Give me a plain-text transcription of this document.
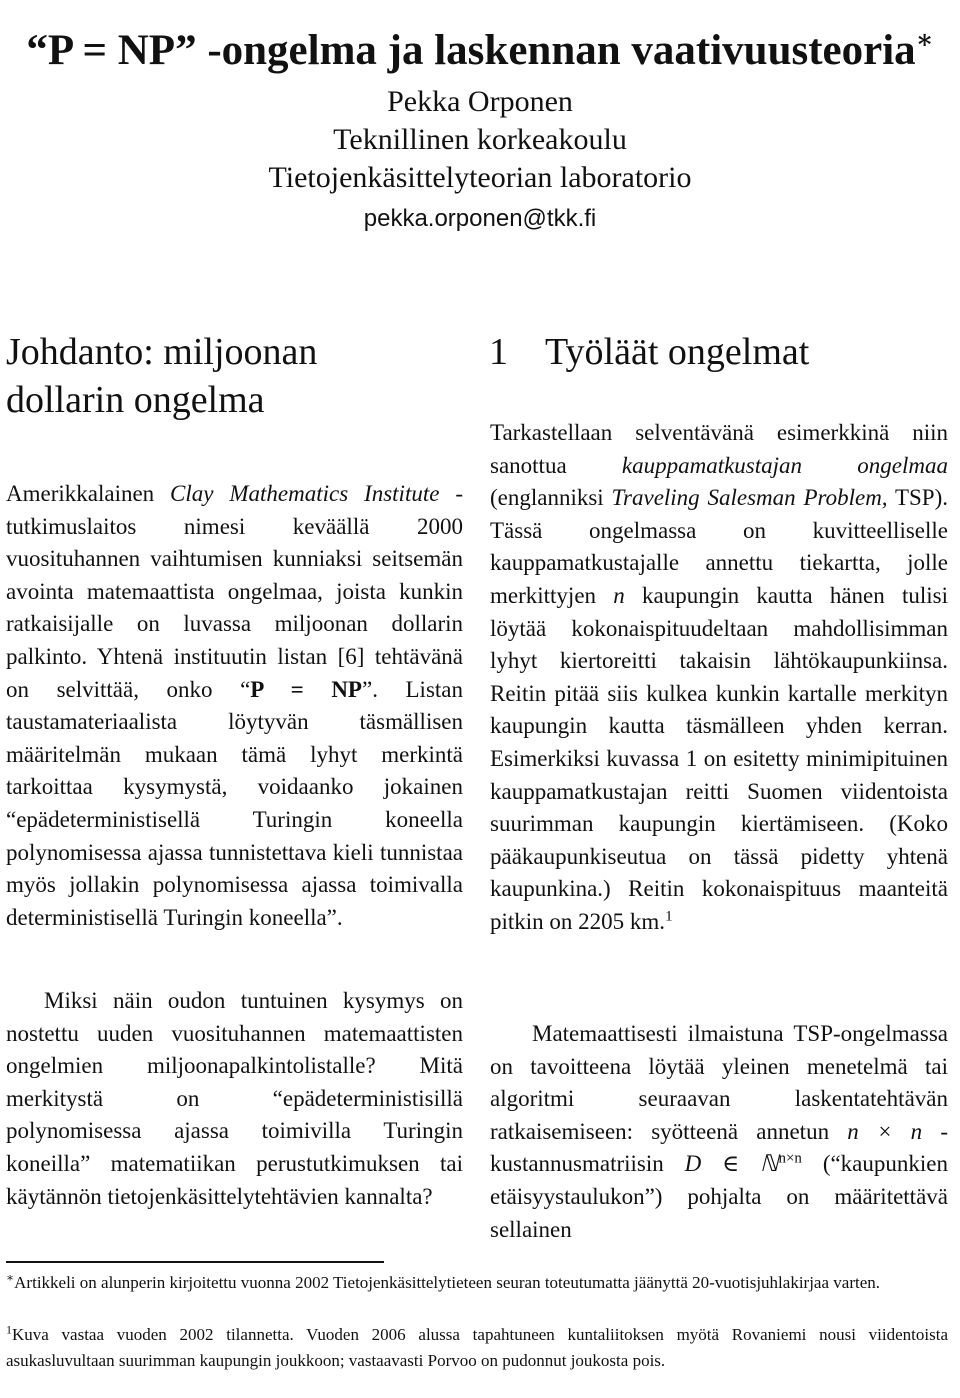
“P = NP” -ongelma ja laskennan vaativuusteoria∗
Pekka Orponen
Teknillinen korkeakoulu
Tietojenkäsittelyteorian laboratorio
pekka.orponen@tkk.fi
Johdanto: miljoonan dollarin ongelma

Amerikkalainen Clay Mathematics Institute -tutkimuslaitos nimesi keväällä 2000 vuosituhannen vaihtumisen kunniaksi seitsemän avointa matemaattista ongelmaa, joista kunkin ratkaisijalle on luvassa miljoonan dollarin palkinto. Yhtenä instituutin listan [6] tehtävänä on selvittää, onko “P = NP”. Listan taustamateriaalista löytyvän täsmällisen määritelmän mukaan tämä lyhyt merkintä tarkoittaa kysymystä, voidaanko jokainen “epädeterministisellä Turingin koneella polynomisessa ajassa tunnistettava kieli tunnistaa myös jollakin polynomisessa ajassa toimivalla deterministisellä Turingin koneella”.

Miksi näin oudon tuntuinen kysymys on nostettu uuden vuosituhannen matemaattisten ongelmien miljoonapalkintolistalle? Mitä merkitystä on “epädeterministisillä polynomisessa ajassa toimivilla Turingin koneilla” matematiikan perustutkimuksen tai käytännön tietojenkäsittelytehtävien kannalta?

1 Työläät ongelmat

Tarkastellaan selventävänä esimerkkinä niin sanottua kauppamatkustajan ongelmaa (englanniksi Traveling Salesman Problem, TSP). Tässä ongelmassa on kuvitteelliselle kauppamatkustajalle annettu tiekartta, jolle merkittyjen n kaupungin kautta hänen tulisi löytää kokonaispituudeltaan mahdollisimman lyhyt kiertoreitti takaisin lähtökaupunkiinsa. Reitin pitää siis kulkea kunkin kartalle merkityn kaupungin kautta täsmälleen yhden kerran. Esimerkiksi kuvassa 1 on esitetty minimipituinen kauppamatkustajan reitti Suomen viidentoista suurimman kaupungin kiertämiseen. (Koko pääkaupunkiseutua on tässä pidetty yhtenä kaupunkina.) Reitin kokonaispituus maanteitä pitkin on 2205 km.$^1$

Matemaattisesti ilmaistuna TSP-ongelmassa on tavoitteena löytää yleinen menetelmä tai algoritmi seuraavan laskentatehtävän ratkaisemiseen: syötteenä annetun n × n -kustannusmatriisin D ∈ ℕ$^{n\times n}$ (“kaupunkien etäisyystaulukon”) pohjalta on määritettävä sellainen

∗Artikkeli on alunperin kirjoitettu vuonna 2002 Tietojenkäsittelytieteen seuran toteutumatta jäänyttä 20-vuotisjuhlakirjaa varten.

$^1$Kuva vastaa vuoden 2002 tilannetta. Vuoden 2006 alussa tapahtuneen kuntaliitoksen myötä Rovaniemi nousi viidentoista asukasluvultaan suurimman kaupungin joukkoon; vastaavasti Porvoo on pudonnut joukosta pois.
